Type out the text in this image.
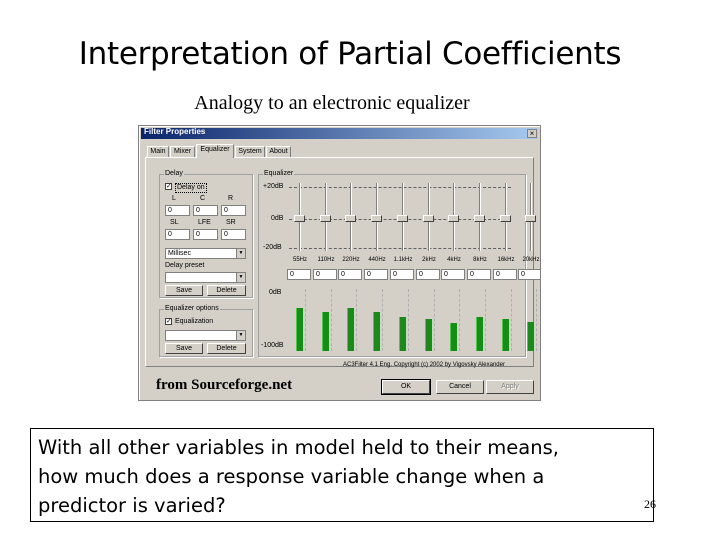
Interpretation of Partial Coefficients
Analogy to an electronic equalizer
Filter Properties	×
Main	Mixer	Equalizer	System	About
Delay
✓ Delay on
L	C	R
0	0	0
SL	LFE SR
0	0	0
Millisec	▼
Delay preset
▼
Save	Delete
Equalizer options
✓ Equalization
▼
Save	Delete
Equalizer
+20dB
0dB
-20dB
55Hz	110Hz	220Hz	440Hz	1.1kHz	2kHz	4kHz	8kHz	16kHz	20kHz
0	0	0	0	0	0	0	0	0	0
0dB
-100dB
AC3Filter 4.1 Eng. Copyright (c) 2002 by Vigovsky Alexander
OK	Cancel	Apply
from Sourceforge.net
With all other variables in model held to their means,
how much does a response variable change when a
predictor is varied?	26
